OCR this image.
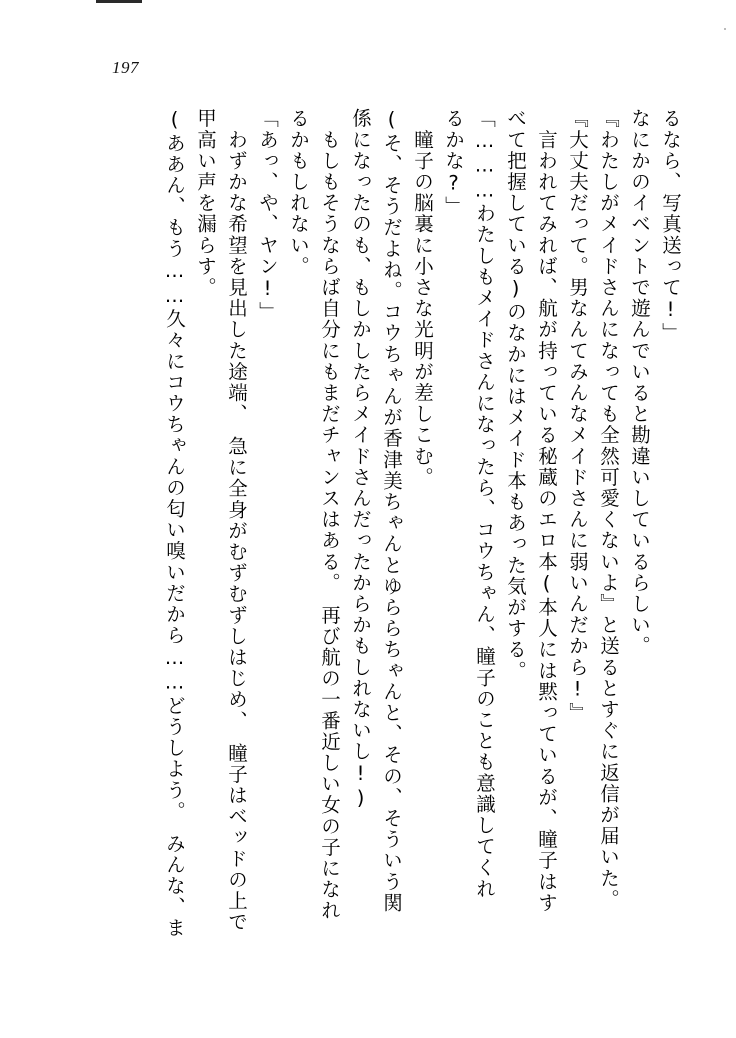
197
るなら、写真送って!」
なにかのイベントで遊んでいると勘違いしているらしい。
『わたしがメイドさんになっても全然可愛くないよ』と送るとすぐに返信が届いた。
『大丈夫だって。男なんてみんなメイドさんに弱いんだから!』
　言われてみれば、航が持っている秘蔵のエロ本(本人には黙っているが、瞳子はす
べて把握している)のなかにはメイド本もあった気がする。
「………わたしもメイドさんになったら、コウちゃん、瞳子のことも意識してくれ
るかな?」
　瞳子の脳裏に小さな光明が差しこむ。
(そ、そうだよね。コウちゃんが香津美ちゃんとゆららちゃんと、その、そういう関
係になったのも、もしかしたらメイドさんだったからかもしれないし!)
　もしもそうならば自分にもまだチャンスはある。　再び航の一番近しい女の子になれ
るかもしれない。
「あっ、や、ヤン!」
　わずかな希望を見出した途端、　急に全身がむずむずしはじめ、　瞳子はベッドの上で
甲高い声を漏らす。
(ああん、もう……久々にコウちゃんの匂い嗅いだから……どうしよう。　みんな、ま
